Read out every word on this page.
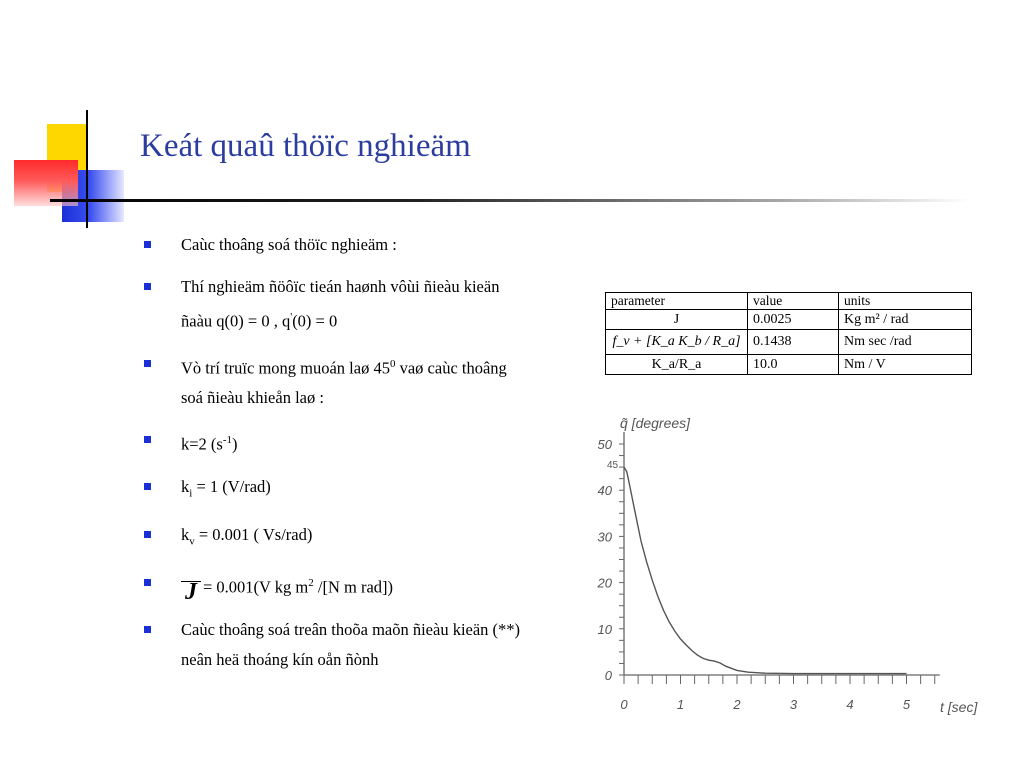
Keát quaû thöïc nghieäm
Caùc thoâng soá thöïc nghieäm :
Thí nghieäm ñöôïc tieán haønh vôùi ñieàu kieän ñaàu q(0) = 0 , q'(0) = 0
Vò trí truïc mong muoán laø $45^0$ vaø caùc thoâng soá ñieàu khieån laø :
k=2 $(s^{-1})$
$k_i = 1$ (V/rad)
$k_v = 0.001$ ( Vs/rad)
J = 0.001(V kg $m^2$ /[N m rad])
Caùc thoâng soá treân thoõa maõn ñieàu kieän (**) neân heä thoáng kín oån ñònh
parameter	value	units
J	0.0025	Kg m² / rad
f_v + [K_a K_b / R_a]	0.1438	Nm sec /rad
K_a/R_a	10.0	Nm / V
0	1	2	3	4	5
0
10
20
30
40
50
q̃ [degrees]
t [sec]
45
